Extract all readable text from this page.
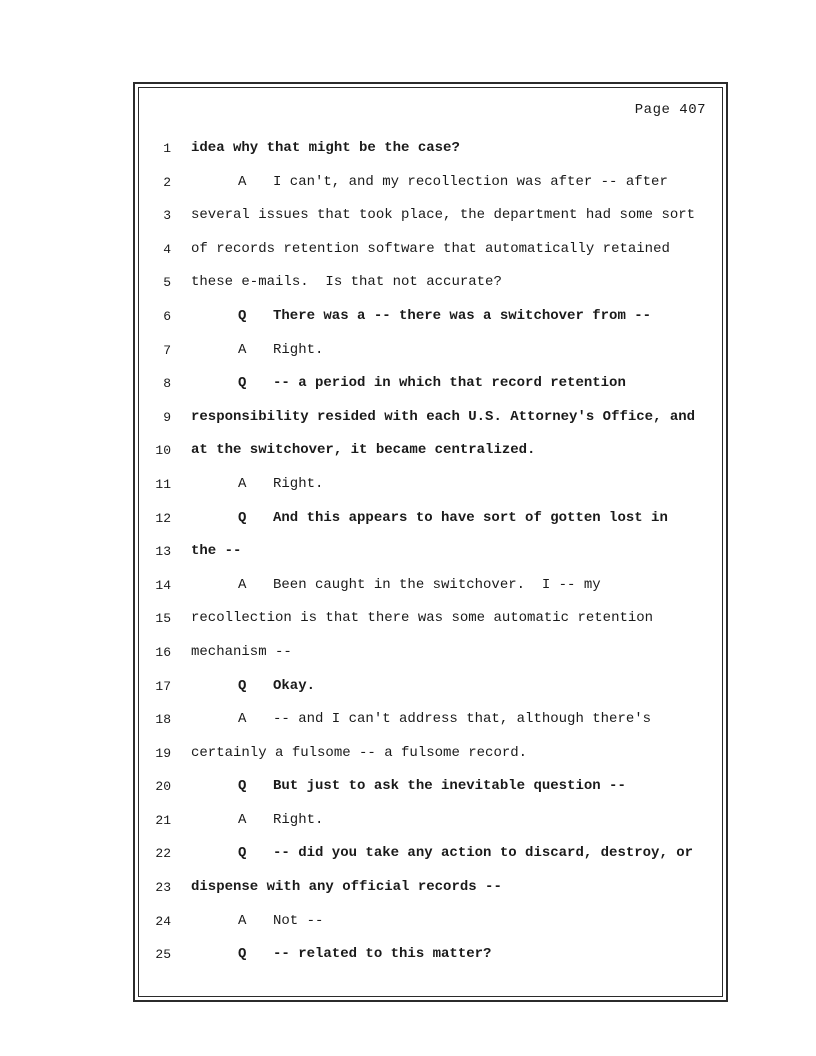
Page 407
1 idea why that might be the case?
2	A I can't, and my recollection was after -- after
3 several issues that took place, the department had some sort
4 of records retention software that automatically retained
5 these e-mails.  Is that not accurate?
6	Q There was a -- there was a switchover from --
7	A Right.
8	Q -- a period in which that record retention
9 responsibility resided with each U.S. Attorney's Office, and
10 at the switchover, it became centralized.
11	A Right.
12	Q And this appears to have sort of gotten lost in
13 the --
14	A Been caught in the switchover.  I -- my
15 recollection is that there was some automatic retention
16 mechanism --
17	Q Okay.
18	A -- and I can't address that, although there's
19 certainly a fulsome -- a fulsome record.
20	Q But just to ask the inevitable question --
21	A Right.
22	Q -- did you take any action to discard, destroy, or
23 dispense with any official records --
24	A Not --
25	Q -- related to this matter?
